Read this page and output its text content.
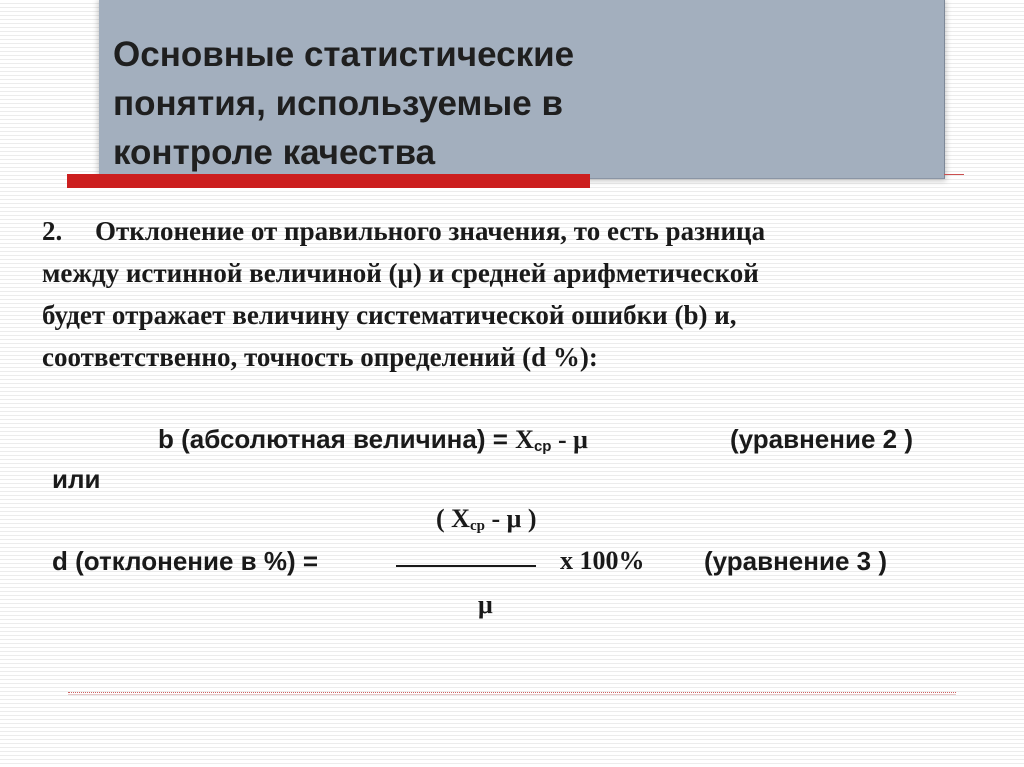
Основные статистические
понятия, используемые в
контроле качества

2. Отклонение от правильного значения, то есть разница
между истинной величиной (μ) и средней арифметической
будет отражает величину систематической ошибки (b) и,
соответственно, точность определений (d %):

b (абсолютная величина) = $X_{ср}$ - μ	(уравнение 2 )
или
( $X_{ср}$ - μ )
d (отклонение в %) =	x 100% (уравнение 3 )
μ
